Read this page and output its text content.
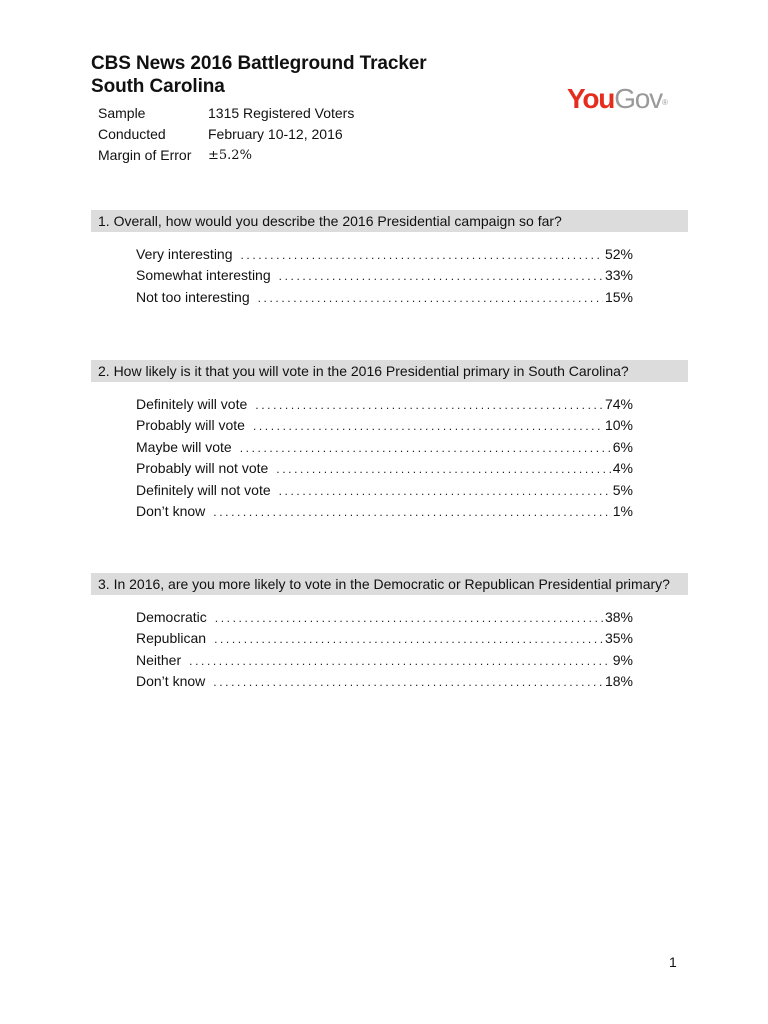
CBS News 2016 Battleground Tracker
South Carolina	YouGov®
Sample	1315 Registered Voters
Conducted	February 10-12, 2016
Margin of Error	±5.2%
1. Overall, how would you describe the 2016 Presidential campaign so far?
Very interesting .....	52%
Somewhat interesting .....	33%
Not too interesting .....	15%
2. How likely is it that you will vote in the 2016 Presidential primary in South Carolina?
Definitely will vote .....	74%
Probably will vote .....	10%
Maybe will vote .....	6%
Probably will not vote .....	4%
Definitely will not vote .....	5%
Don’t know .....	1%
3. In 2016, are you more likely to vote in the Democratic or Republican Presidential primary?
Democratic .....	38%
Republican .....	35%
Neither .....	9%
Don’t know .....	18%
1
